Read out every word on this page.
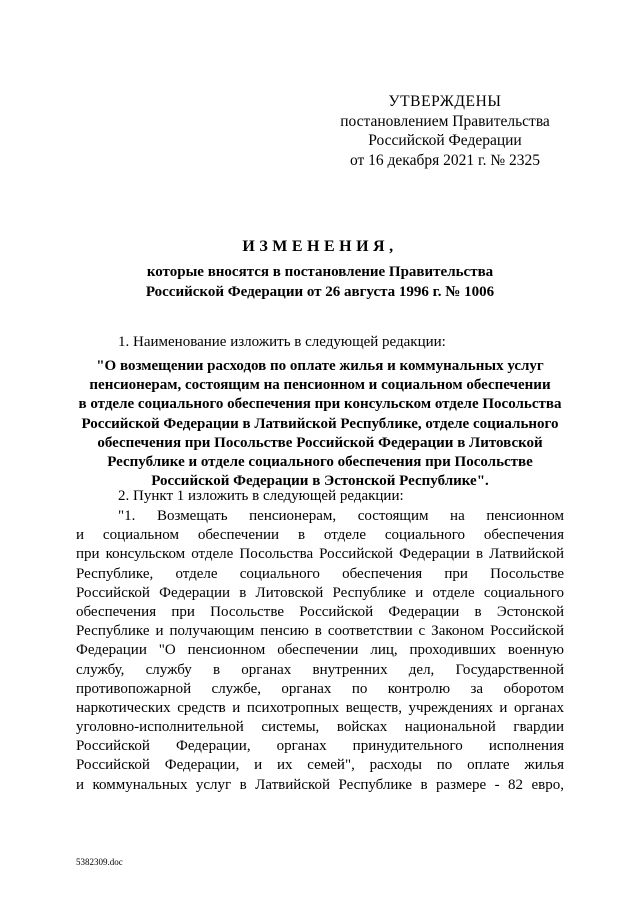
УТВЕРЖДЕНЫ
постановлением Правительства
Российской Федерации
от 16 декабря 2021 г. № 2325
ИЗМЕНЕНИЯ,
которые вносятся в постановление Правительства
Российской Федерации от 26 августа 1996 г. № 1006
1. Наименование изложить в следующей редакции:
"О возмещении расходов по оплате жилья и коммунальных услуг
пенсионерам, состоящим на пенсионном и социальном обеспечении
в отделе социального обеспечения при консульском отделе Посольства
Российской Федерации в Латвийской Республике, отделе социального
обеспечения при Посольстве Российской Федерации в Литовской
Республике и отделе социального обеспечения при Посольстве
Российской Федерации в Эстонской Республике".
2. Пункт 1 изложить в следующей редакции:
"1. Возмещать пенсионерам, состоящим на пенсионном
и социальном обеспечении в отделе социального обеспечения
при консульском отделе Посольства Российской Федерации в Латвийской
Республике, отделе социального обеспечения при Посольстве
Российской Федерации в Литовской Республике и отделе социального
обеспечения при Посольстве Российской Федерации в Эстонской
Республике и получающим пенсию в соответствии с Законом Российской
Федерации "О пенсионном обеспечении лиц, проходивших военную
службу, службу в органах внутренних дел, Государственной
противопожарной службе, органах по контролю за оборотом
наркотических средств и психотропных веществ, учреждениях и органах
уголовно-исполнительной системы, войсках национальной гвардии
Российской Федерации, органах принудительного исполнения
Российской Федерации, и их семей", расходы по оплате жилья
и коммунальных услуг в Латвийской Республике в размере - 82 евро,
5382309.doc
